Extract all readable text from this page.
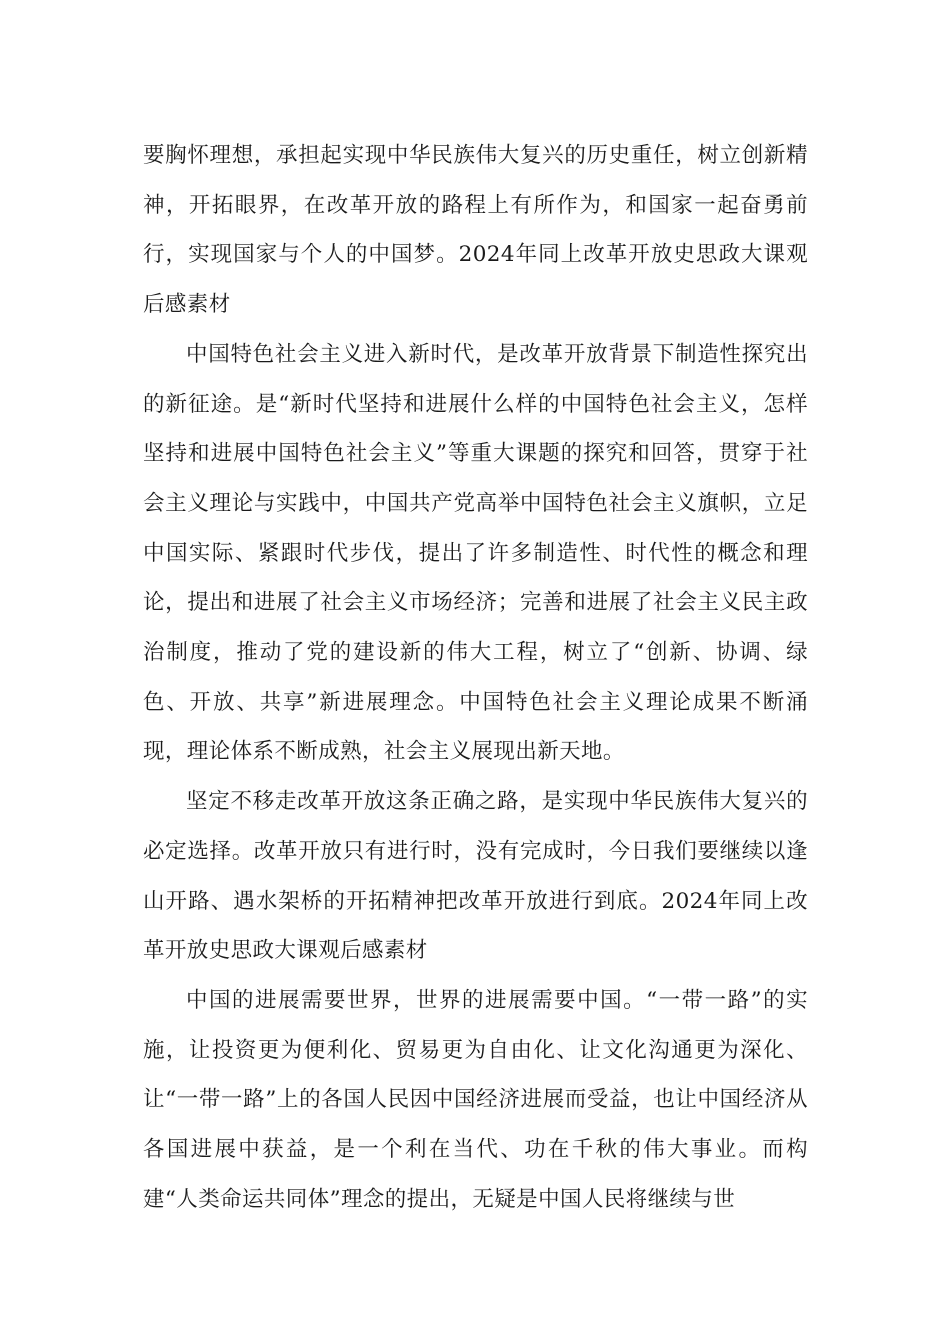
要胸怀理想，承担起实现中华民族伟大复兴的历史重任，树立创新精神，开拓眼界，在改革开放的路程上有所作为，和国家一起奋勇前行，实现国家与个人的中国梦。2024年同上改革开放史思政大课观后感素材

中国特色社会主义进入新时代，是改革开放背景下制造性探究出的新征途。是“新时代坚持和进展什么样的中国特色社会主义，怎样坚持和进展中国特色社会主义”等重大课题的探究和回答，贯穿于社会主义理论与实践中，中国共产党高举中国特色社会主义旗帜，立足中国实际、紧跟时代步伐，提出了许多制造性、时代性的概念和理论，提出和进展了社会主义市场经济；完善和进展了社会主义民主政治制度，推动了党的建设新的伟大工程，树立了“创新、协调、绿色、开放、共享”新进展理念。中国特色社会主义理论成果不断涌现，理论体系不断成熟，社会主义展现出新天地。

坚定不移走改革开放这条正确之路，是实现中华民族伟大复兴的必定选择。改革开放只有进行时，没有完成时，今日我们要继续以逢山开路、遇水架桥的开拓精神把改革开放进行到底。2024年同上改革开放史思政大课观后感素材

中国的进展需要世界，世界的进展需要中国。“一带一路”的实施，让投资更为便利化、贸易更为自由化、让文化沟通更为深化、让“一带一路”上的各国人民因中国经济进展而受益，也让中国经济从各国进展中获益，是一个利在当代、功在千秋的伟大事业。而构建“人类命运共同体”理念的提出，无疑是中国人民将继续与世
